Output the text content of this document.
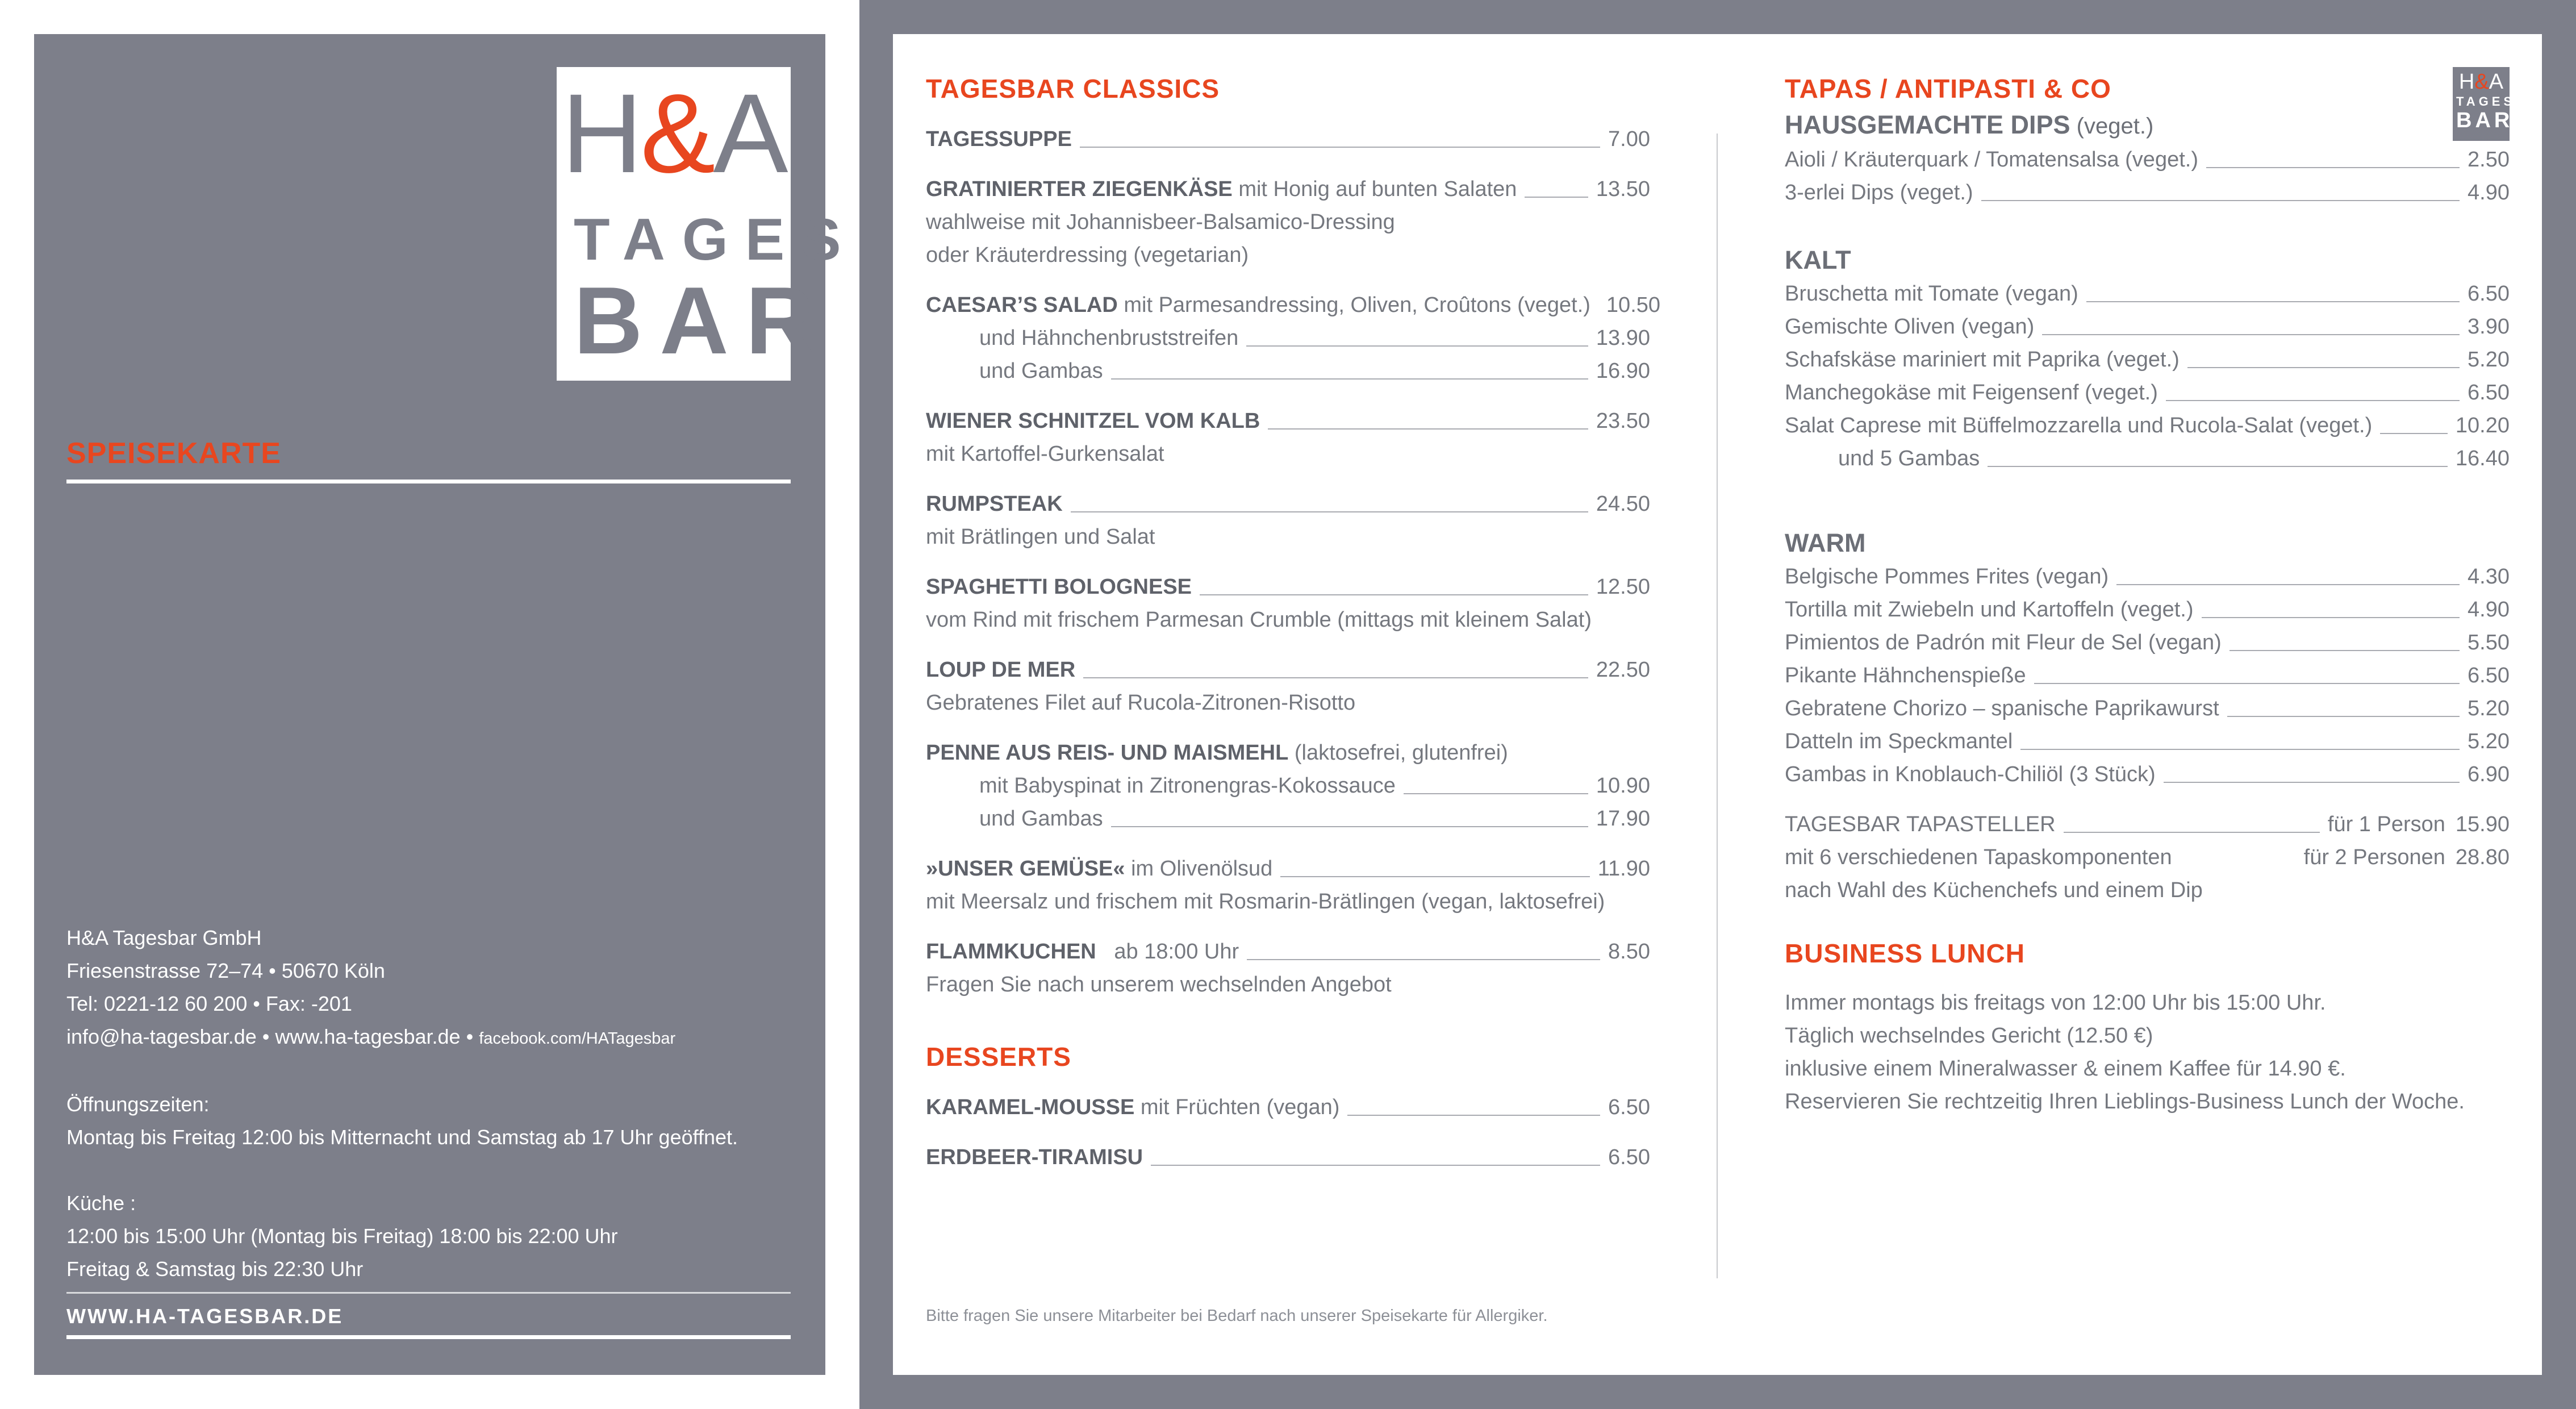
H&A
TAGES
BAR
SPEISEKARTE
H&A Tagesbar GmbH
Friesenstrasse 72–74 • 50670 Köln
Tel: 0221-12 60 200 • Fax: -201
info@ha-tagesbar.de • www.ha-tagesbar.de • facebook.com/HATagesbar
Öffnungszeiten:
Montag bis Freitag 12:00 bis Mitternacht und Samstag ab 17 Uhr geöffnet.
Küche :
12:00 bis 15:00 Uhr (Montag bis Freitag) 18:00 bis 22:00 Uhr
Freitag & Samstag bis 22:30 Uhr
WWW.HA-TAGESBAR.DE
H&A
TAGES
BAR
TAGESBAR CLASSICS
TAGESSUPPE	7.00
GRATINIERTER ZIEGENKÄSE mit Honig auf bunten Salaten	13.50
wahlweise mit Johannisbeer-Balsamico-Dressing
oder Kräuterdressing (vegetarian)
CAESAR’S SALAD mit Parmesandressing, Oliven, Croûtons (veget.) 10.50
und Hähnchenbruststreifen	13.90
und Gambas	16.90
WIENER SCHNITZEL VOM KALB	23.50
mit Kartoffel-Gurkensalat
RUMPSTEAK	24.50
mit Brätlingen und Salat
SPAGHETTI BOLOGNESE	12.50
vom Rind mit frischem Parmesan Crumble (mittags mit kleinem Salat)
LOUP DE MER	22.50
Gebratenes Filet auf Rucola-Zitronen-Risotto
PENNE AUS REIS- UND MAISMEHL (laktosefrei, glutenfrei)
mit Babyspinat in Zitronengras-Kokossauce	10.90
und Gambas	17.90
»UNSER GEMÜSE« im Olivenölsud	11.90
mit Meersalz und frischem mit Rosmarin-Brätlingen (vegan, laktosefrei)
FLAMMKUCHEN   ab 18:00 Uhr	8.50
Fragen Sie nach unserem wechselnden Angebot
DESSERTS
KARAMEL-MOUSSE mit Früchten (vegan)	6.50
ERDBEER-TIRAMISU	6.50
Bitte fragen Sie unsere Mitarbeiter bei Bedarf nach unserer Speisekarte für Allergiker.
TAPAS / ANTIPASTI & CO
HAUSGEMACHTE DIPS (veget.)
Aioli / Kräuterquark / Tomatensalsa (veget.)	2.50
3-erlei Dips (veget.)	4.90
KALT
Bruschetta mit Tomate (vegan)	6.50
Gemischte Oliven (vegan)	3.90
Schafskäse mariniert mit Paprika (veget.)	5.20
Manchegokäse mit Feigensenf (veget.)	6.50
Salat Caprese mit Büffelmozzarella und Rucola-Salat (veget.)	10.20
und 5 Gambas	16.40
WARM
Belgische Pommes Frites (vegan)	4.30
Tortilla mit Zwiebeln und Kartoffeln (veget.)	4.90
Pimientos de Padrón mit Fleur de Sel (vegan)	5.50
Pikante Hähnchenspieße	6.50
Gebratene Chorizo – spanische Paprikawurst	5.20
Datteln im Speckmantel	5.20
Gambas in Knoblauch-Chiliöl (3 Stück)	6.90
TAGESBAR TAPASTELLER	für 1 Person 15.90
mit 6 verschiedenen Tapaskomponenten	für 2 Personen 28.80
nach Wahl des Küchenchefs und einem Dip
BUSINESS LUNCH
Immer montags bis freitags von 12:00 Uhr bis 15:00 Uhr.
Täglich wechselndes Gericht (12.50 €)
inklusive einem Mineralwasser & einem Kaffee für 14.90 €.
Reservieren Sie rechtzeitig Ihren Lieblings-Business Lunch der Woche.
